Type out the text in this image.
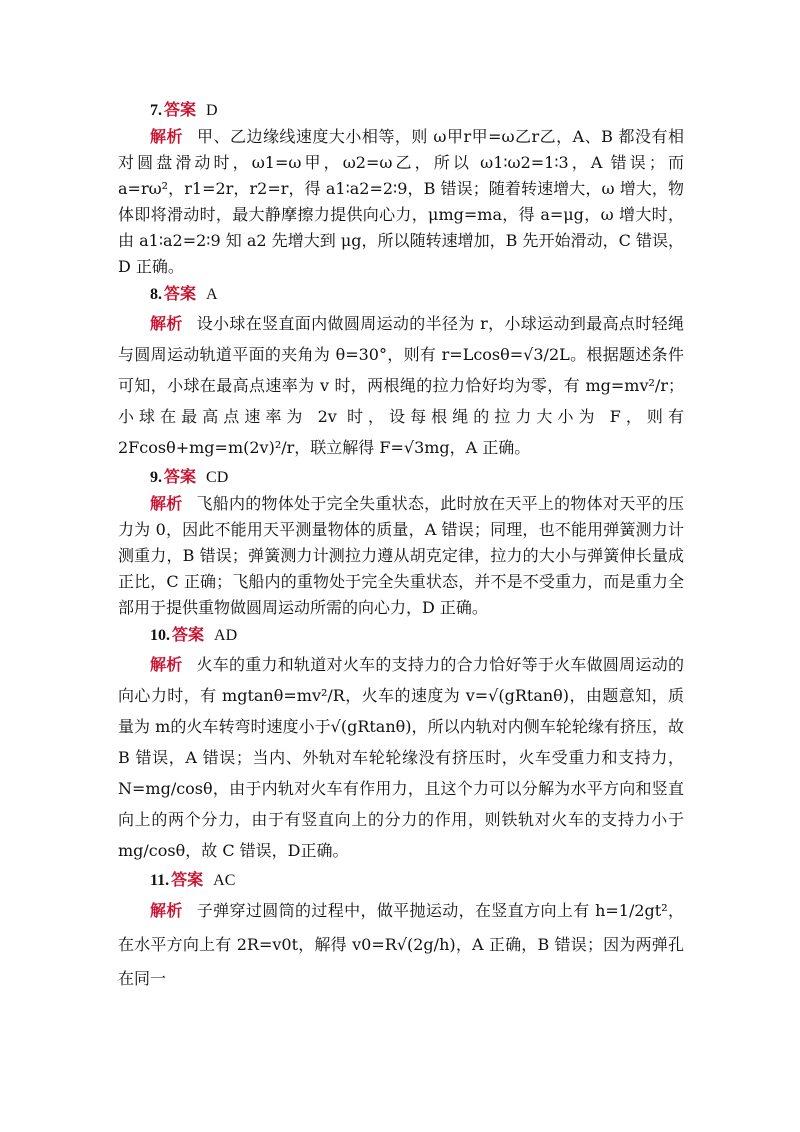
7. 答案 D

解析 甲、乙边缘线速度大小相等，则 ω甲r甲=ω乙r乙，A、B 都没有相对圆盘滑动时，ω1=ω甲，ω2=ω乙，所以 ω1∶ω2=1∶3，A 错误；而 a=rω²，r1=2r，r2=r，得 a1∶a2=2∶9，B 错误；随着转速增大，ω 增大，物体即将滑动时，最大静摩擦力提供向心力，μmg=ma，得 a=μg，ω 增大时，由 a1∶a2=2∶9 知 a2 先增大到 μg，所以随转速增加，B 先开始滑动，C 错误，D 正确。

8. 答案 A

解析 设小球在竖直面内做圆周运动的半径为 r，小球运动到最高点时轻绳与圆周运动轨道平面的夹角为 θ=30°，则有 r=Lcosθ=√3/2L。根据题述条件可知，小球在最高点速率为 v 时，两根绳的拉力恰好均为零，有 mg=mv²/r；小球在最高点速率为 2v 时，设每根绳的拉力大小为 F，则有 2Fcosθ+mg=m(2v)²/r，联立解得 F=√3mg，A 正确。

9. 答案 CD

解析 飞船内的物体处于完全失重状态，此时放在天平上的物体对天平的压力为 0，因此不能用天平测量物体的质量，A 错误；同理，也不能用弹簧测力计测重力，B 错误；弹簧测力计测拉力遵从胡克定律，拉力的大小与弹簧伸长量成正比，C 正确；飞船内的重物处于完全失重状态，并不是不受重力，而是重力全部用于提供重物做圆周运动所需的向心力，D 正确。

10. 答案 AD

解析 火车的重力和轨道对火车的支持力的合力恰好等于火车做圆周运动的向心力时，有 mgtanθ=mv²/R，火车的速度为 v=√(gRtanθ)，由题意知，质量为 m的火车转弯时速度小于√(gRtanθ)，所以内轨对内侧车轮轮缘有挤压，故 B 错误，A 错误；当内、外轨对车轮轮缘没有挤压时，火车受重力和支持力，N=mg/cosθ，由于内轨对火车有作用力，且这个力可以分解为水平方向和竖直向上的两个分力，由于有竖直向上的分力的作用，则铁轨对火车的支持力小于mg/cosθ，故 C 错误，D正确。

11. 答案 AC

解析 子弹穿过圆筒的过程中，做平抛运动，在竖直方向上有 h=1/2gt²，在水平方向上有 2R=v0t，解得 v0=R√(2g/h)，A 正确，B 错误；因为两弹孔在同一
